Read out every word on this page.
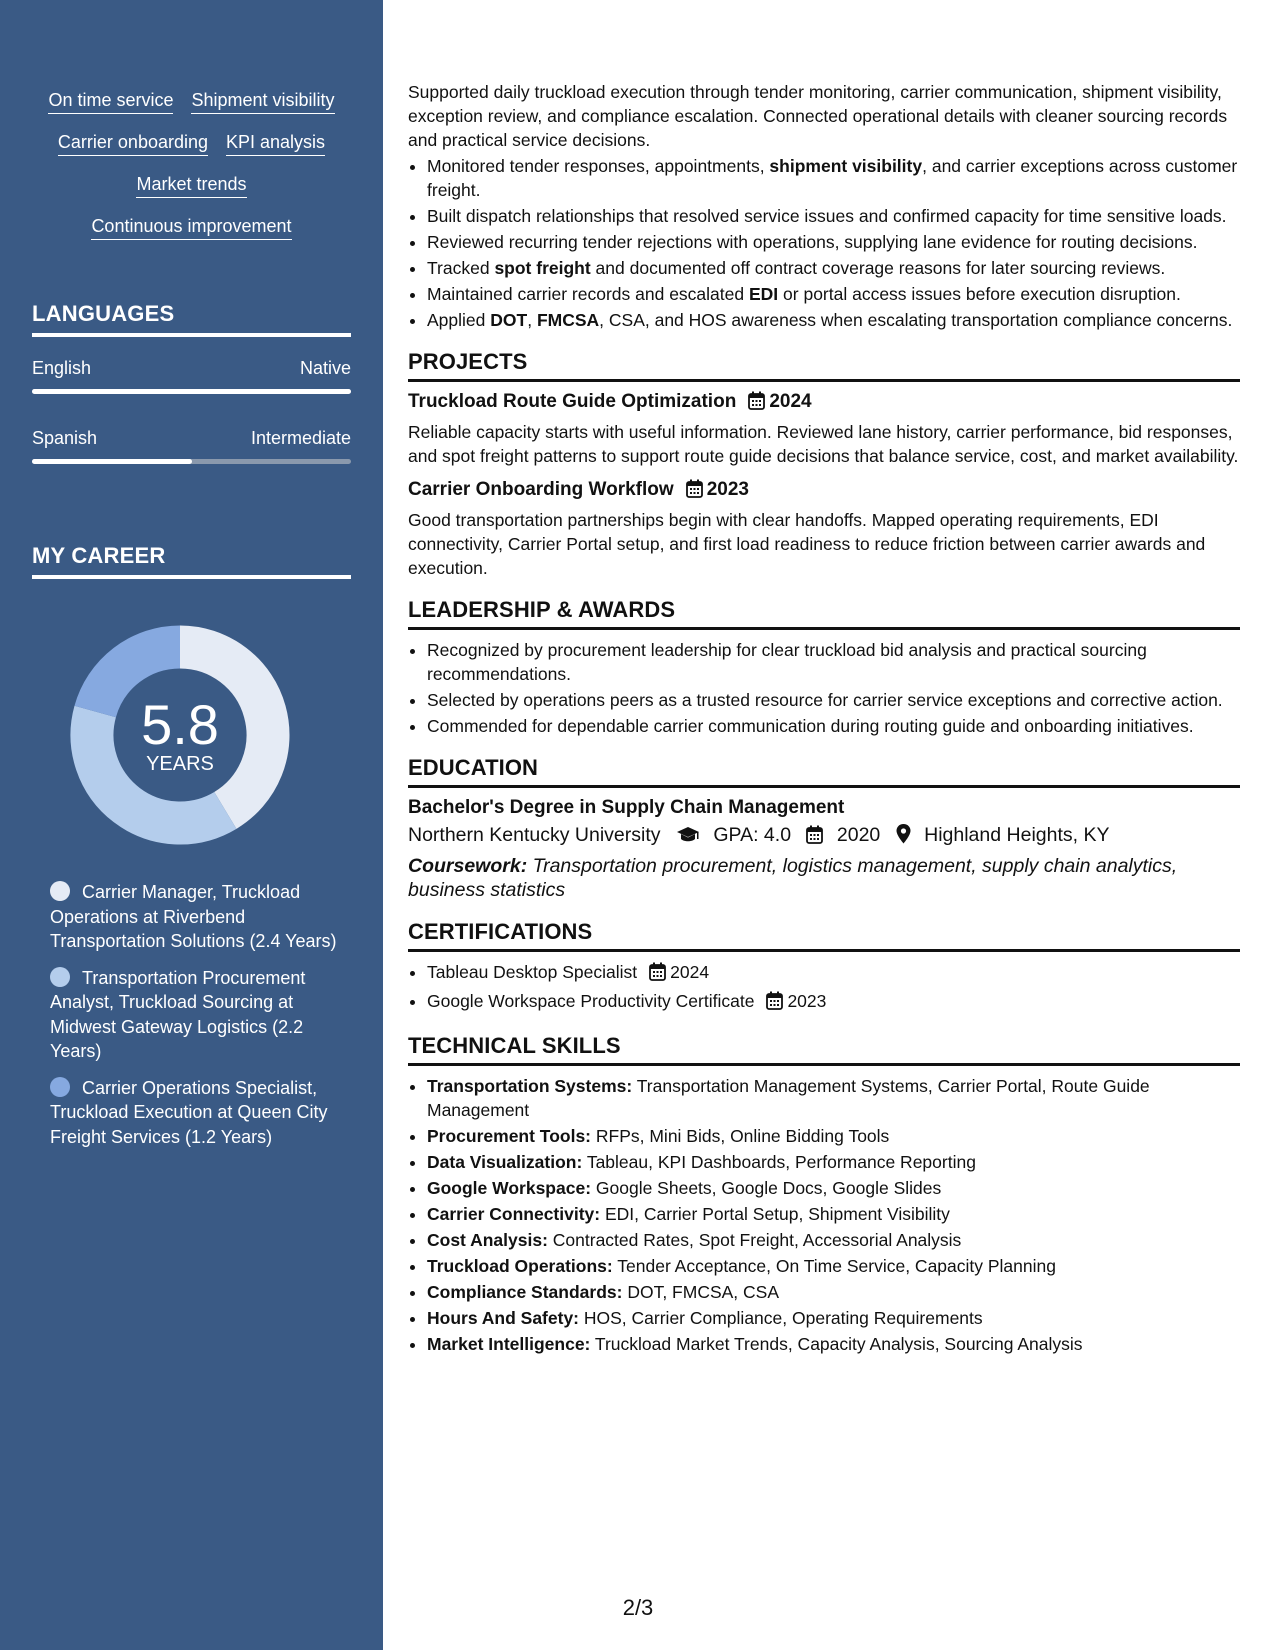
On time service Shipment visibility
Carrier onboarding KPI analysis
Market trends
Continuous improvement
LANGUAGES
English	Native
Spanish	Intermediate
MY CAREER
5.8
YEARS
Carrier Manager, Truckload Operations at Riverbend Transportation Solutions (2.4 Years)
Transportation Procurement Analyst, Truckload Sourcing at Midwest Gateway Logistics (2.2 Years)
Carrier Operations Specialist, Truckload Execution at Queen City Freight Services (1.2 Years)

Supported daily truckload execution through tender monitoring, carrier communication, shipment visibility, exception review, and compliance escalation. Connected operational details with cleaner sourcing records and practical service decisions.

• Monitored tender responses, appointments, shipment visibility, and carrier exceptions across customer freight.
• Built dispatch relationships that resolved service issues and confirmed capacity for time sensitive loads.
• Reviewed recurring tender rejections with operations, supplying lane evidence for routing decisions.
• Tracked spot freight and documented off contract coverage reasons for later sourcing reviews.
• Maintained carrier records and escalated EDI or portal access issues before execution disruption.
• Applied DOT, FMCSA, CSA, and HOS awareness when escalating transportation compliance concerns.
PROJECTS
Truckload Route Guide Optimization 2024

Reliable capacity starts with useful information. Reviewed lane history, carrier performance, bid responses, and spot freight patterns to support route guide decisions that balance service, cost, and market availability.

Carrier Onboarding Workflow 2023

Good transportation partnerships begin with clear handoffs. Mapped operating requirements, EDI connectivity, Carrier Portal setup, and first load readiness to reduce friction between carrier awards and execution.

LEADERSHIP & AWARDS
• Recognized by procurement leadership for clear truckload bid analysis and practical sourcing recommendations.
• Selected by operations peers as a trusted resource for carrier service exceptions and corrective action.
• Commended for dependable carrier communication during routing guide and onboarding initiatives.
EDUCATION
Bachelor's Degree in Supply Chain Management
Northern Kentucky University	GPA: 4.0 2020 Highland Heights, KY
Coursework: Transportation procurement, logistics management, supply chain analytics, business statistics
CERTIFICATIONS
• Tableau Desktop Specialist 2024
• Google Workspace Productivity Certificate 2023
TECHNICAL SKILLS
• Transportation Systems: Transportation Management Systems, Carrier Portal, Route Guide Management
• Procurement Tools: RFPs, Mini Bids, Online Bidding Tools
• Data Visualization: Tableau, KPI Dashboards, Performance Reporting
• Google Workspace: Google Sheets, Google Docs, Google Slides
• Carrier Connectivity: EDI, Carrier Portal Setup, Shipment Visibility
• Cost Analysis: Contracted Rates, Spot Freight, Accessorial Analysis
• Truckload Operations: Tender Acceptance, On Time Service, Capacity Planning
• Compliance Standards: DOT, FMCSA, CSA
• Hours And Safety: HOS, Carrier Compliance, Operating Requirements
• Market Intelligence: Truckload Market Trends, Capacity Analysis, Sourcing Analysis
2/3
